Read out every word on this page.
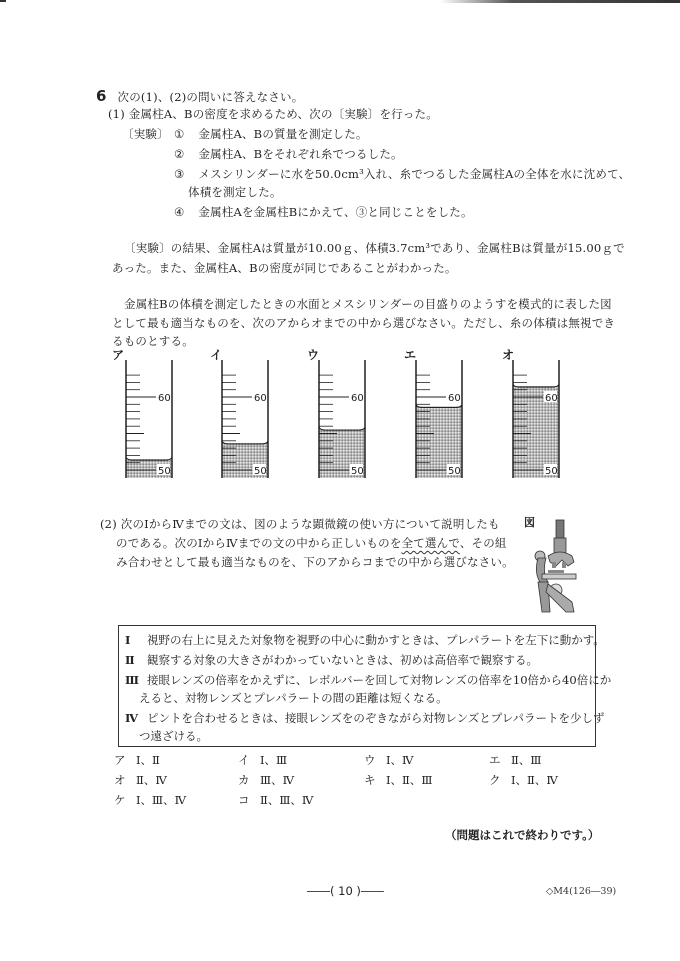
6 次の(1)、(2)の問いに答えなさい。
(1) 金属柱A、Bの密度を求めるため、次の〔実験〕を行った。
〔実験〕 ① 金属柱A、Bの質量を測定した。
② 金属柱A、Bをそれぞれ糸でつるした。
③ メスシリンダーに水を50.0cm³入れ、糸でつるした金属柱Aの全体を水に沈めて、
体積を測定した。
④ 金属柱Aを金属柱Bにかえて、③と同じことをした。
〔実験〕の結果、金属柱Aは質量が10.00ｇ、体積3.7cm³であり、金属柱Bは質量が15.00ｇで
あった。また、金属柱A、Bの密度が同じであることがわかった。
金属柱Bの体積を測定したときの水面とメスシリンダーの目盛りのようすを模式的に表した図
として最も適当なものを、次のアからオまでの中から選びなさい。ただし、糸の体積は無視でき
るものとする。
ア	イ	ウ	エ	オ
60
50
60
50
60
50
60
50
60
50
(2) 次のⅠからⅣまでの文は、図のような顕微鏡の使い方について説明したも
のである。次のⅠからⅣまでの文の中から正しいものを全て選んで、その組
み合わせとして最も適当なものを、下のアからコまでの中から選びなさい。
図
Ⅰ 視野の右上に見えた対象物を視野の中心に動かすときは、プレパラートを左下に動かす。
Ⅱ 観察する対象の大きさがわかっていないときは、初めは高倍率で観察する。
Ⅲ 接眼レンズの倍率をかえずに、レボルバーを回して対物レンズの倍率を10倍から40倍にか
えると、対物レンズとプレパラートの間の距離は短くなる。
Ⅳ ピントを合わせるときは、接眼レンズをのぞきながら対物レンズとプレパラートを少しず
つ遠ざける。
ア Ⅰ、Ⅱ	イ Ⅰ、Ⅲ	ウ Ⅰ、Ⅳ	エ Ⅱ、Ⅲ
オ Ⅱ、Ⅳ	カ Ⅲ、Ⅳ	キ Ⅰ、Ⅱ、Ⅲ	ク Ⅰ、Ⅱ、Ⅳ
ケ Ⅰ、Ⅲ、Ⅳ	コ Ⅱ、Ⅲ、Ⅳ
（問題はこれで終わりです。）
――( 10 )――	◇M4(126―39)
